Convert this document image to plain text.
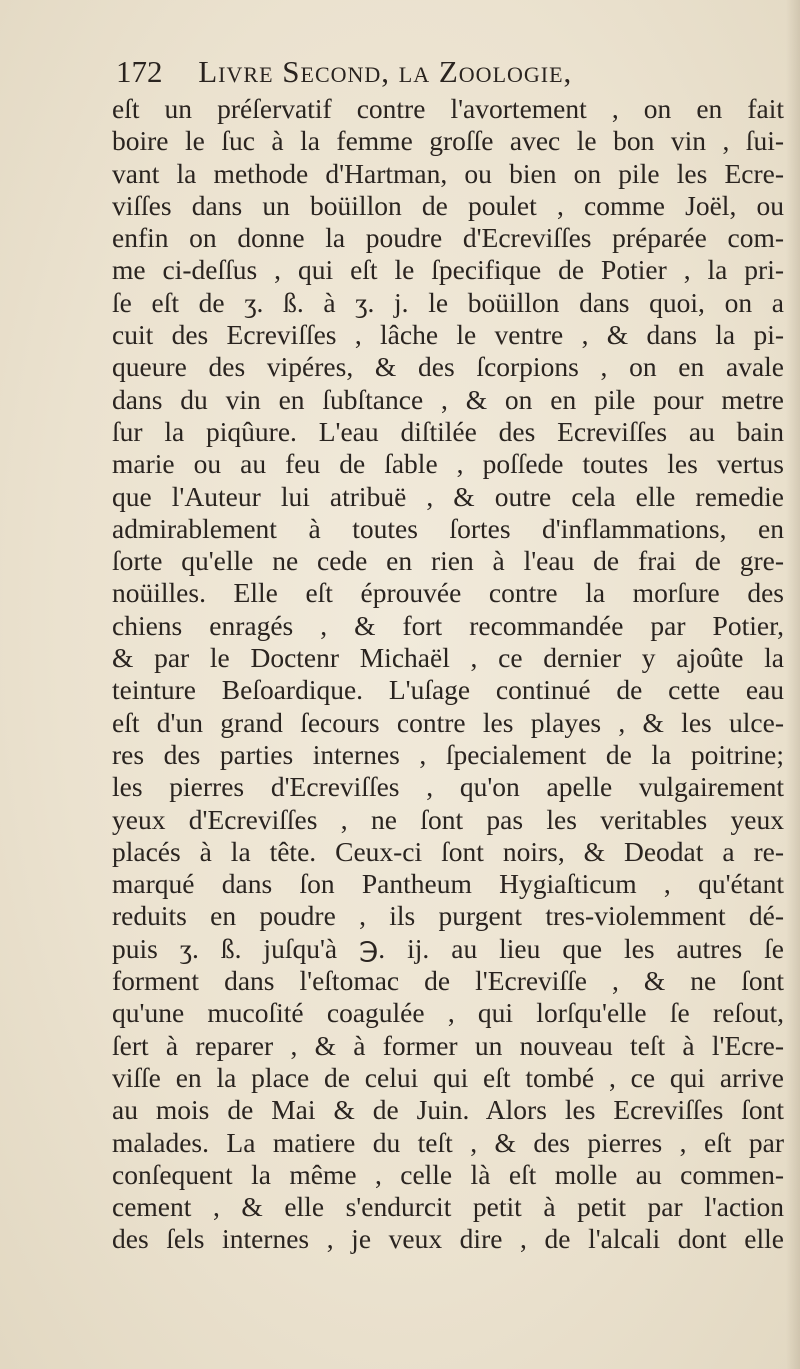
172 Livre Second, la Zoologie,
eſt un préſervatif contre l'avortement , on en fait
boire le ſuc à la femme groſſe avec le bon vin , ſui-
vant la methode d'Hartman, ou bien on pile les Ecre-
viſſes dans un boüillon de poulet , comme Joël, ou
enfin on donne la poudre d'Ecreviſſes préparée com-
me ci-deſſus , qui eſt le ſpecifique de Potier , la pri-
ſe eſt de ʒ. ß. à ʒ. j. le boüillon dans quoi, on a
cuit des Ecreviſſes , lâche le ventre , & dans la pi-
queure des vipéres, & des ſcorpions , on en avale
dans du vin en ſubſtance , & on en pile pour metre
ſur la piqûure. L'eau diſtilée des Ecreviſſes au bain
marie ou au feu de ſable , poſſede toutes les vertus
que l'Auteur lui atribuë , & outre cela elle remedie
admirablement à toutes ſortes d'inflammations, en
ſorte qu'elle ne cede en rien à l'eau de frai de gre-
noüilles. Elle eſt éprouvée contre la morſure des
chiens enragés , & fort recommandée par Potier,
& par le Doctenr Michaël , ce dernier y ajoûte la
teinture Beſoardique. L'uſage continué de cette eau
eſt d'un grand ſecours contre les playes , & les ulce-
res des parties internes , ſpecialement de la poitrine;
les pierres d'Ecreviſſes , qu'on apelle vulgairement
yeux d'Ecreviſſes , ne ſont pas les veritables yeux
placés à la tête. Ceux-ci ſont noirs, & Deodat a re-
marqué dans ſon Pantheum Hygiaſticum , qu'étant
reduits en poudre , ils purgent tres-violemment dé-
puis ʒ. ß. juſqu'à ℈. ij. au lieu que les autres ſe
forment dans l'eſtomac de l'Ecreviſſe , & ne ſont
qu'une mucoſité coagulée , qui lorſqu'elle ſe reſout,
ſert à reparer , & à former un nouveau teſt à l'Ecre-
viſſe en la place de celui qui eſt tombé , ce qui arrive
au mois de Mai & de Juin. Alors les Ecreviſſes ſont
malades. La matiere du teſt , & des pierres , eſt par
conſequent la même , celle là eſt molle au commen-
cement , & elle s'endurcit petit à petit par l'action
des ſels internes , je veux dire , de l'alcali dont elle
